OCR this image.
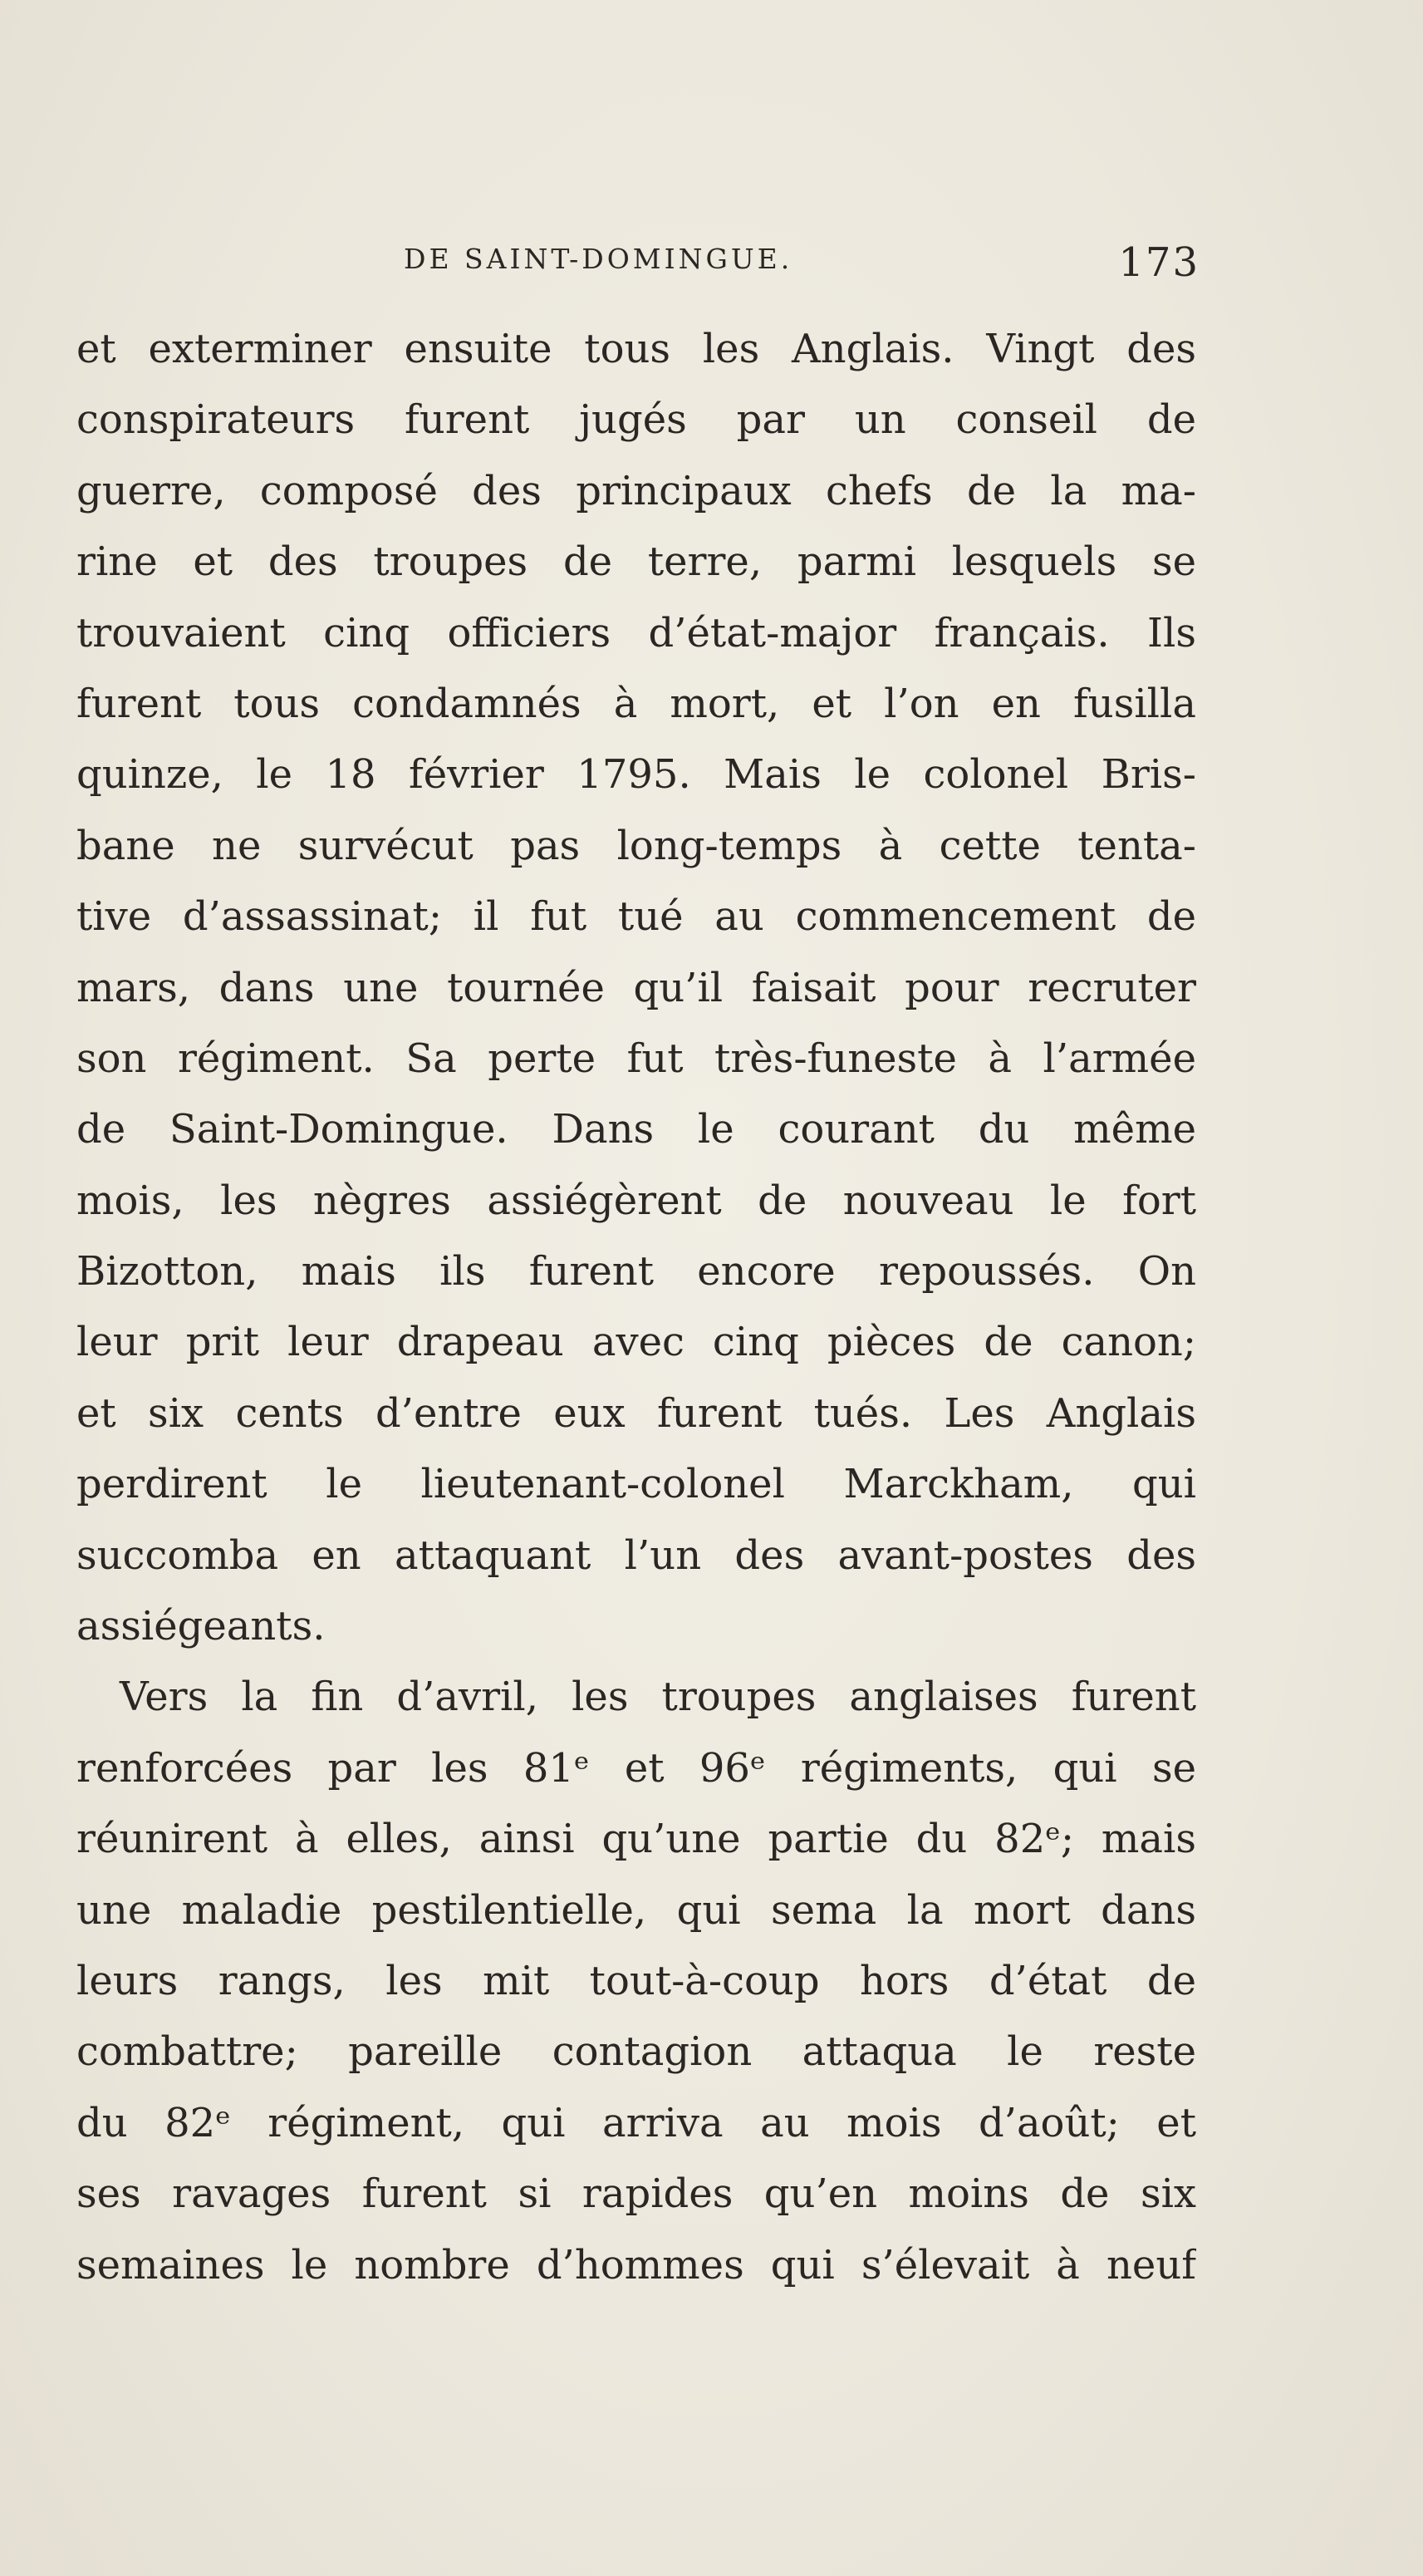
DE SAINT-DOMINGUE.	173
et exterminer ensuite tous les Anglais. Vingt des
conspirateurs furent jugés par un conseil de
guerre, composé des principaux chefs de la ma-
rine et des troupes de terre, parmi lesquels se
trouvaient cinq officiers d’état-major français. Ils
furent tous condamnés à mort, et l’on en fusilla
quinze, le 18 février 1795. Mais le colonel Bris-
bane ne survécut pas long-temps à cette tenta-
tive d’assassinat; il fut tué au commencement de
mars, dans une tournée qu’il faisait pour recruter
son régiment. Sa perte fut très-funeste à l’armée
de Saint-Domingue. Dans le courant du même
mois, les nègres assiégèrent de nouveau le fort
Bizotton, mais ils furent encore repoussés. On
leur prit leur drapeau avec cinq pièces de canon;
et six cents d’entre eux furent tués. Les Anglais
perdirent le lieutenant-colonel Marckham, qui
succomba en attaquant l’un des avant-postes des
assiégeants.
Vers la fin d’avril, les troupes anglaises furent
renforcées par les 81ᵉ et 96ᵉ régiments, qui se
réunirent à elles, ainsi qu’une partie du 82ᵉ; mais
une maladie pestilentielle, qui sema la mort dans
leurs rangs, les mit tout-à-coup hors d’état de
combattre; pareille contagion attaqua le reste
du 82ᵉ régiment, qui arriva au mois d’août; et
ses ravages furent si rapides qu’en moins de six
semaines le nombre d’hommes qui s’élevait à neuf
